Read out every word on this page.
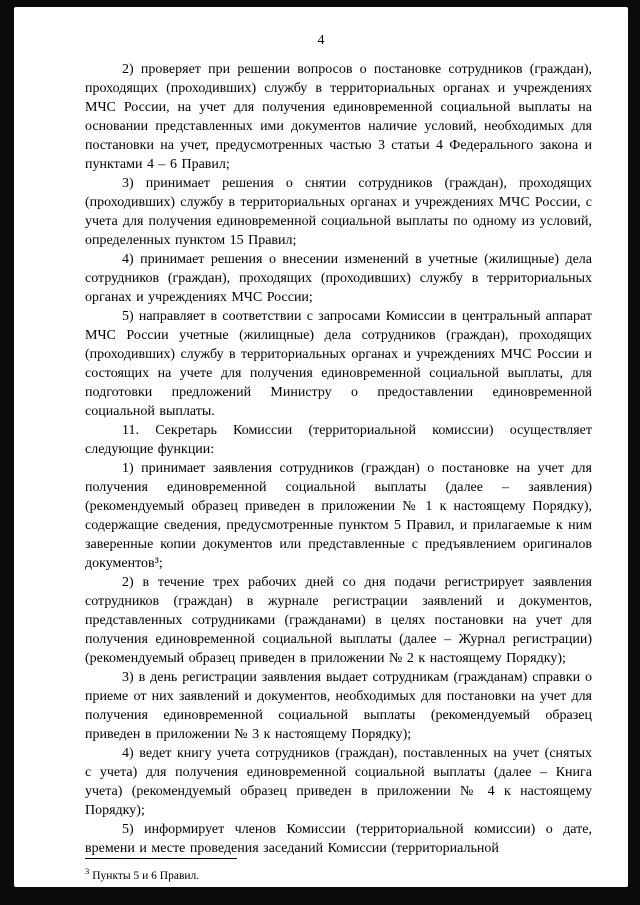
4

2) проверяет при решении вопросов о постановке сотрудников (граждан), проходящих (проходивших) службу в территориальных органах и учреждениях МЧС России, на учет для получения единовременной социальной выплаты на основании представленных ими документов наличие условий, необходимых для постановки на учет, предусмотренных частью 3 статьи 4 Федерального закона и пунктами 4 – 6 Правил;

3) принимает решения о снятии сотрудников (граждан), проходящих (проходивших) службу в территориальных органах и учреждениях МЧС России, с учета для получения единовременной социальной выплаты по одному из условий, определенных пунктом 15 Правил;

4) принимает решения о внесении изменений в учетные (жилищные) дела сотрудников (граждан), проходящих (проходивших) службу в территориальных органах и учреждениях МЧС России;

5) направляет в соответствии с запросами Комиссии в центральный аппарат МЧС России учетные (жилищные) дела сотрудников (граждан), проходящих (проходивших) службу в территориальных органах и учреждениях МЧС России и состоящих на учете для получения единовременной социальной выплаты, для подготовки предложений Министру о предоставлении единовременной социальной выплаты.

11. Секретарь Комиссии (территориальной комиссии) осуществляет следующие функции:

1) принимает заявления сотрудников (граждан) о постановке на учет для получения единовременной социальной выплаты (далее – заявления) (рекомендуемый образец приведен в приложении № 1 к настоящему Порядку), содержащие сведения, предусмотренные пунктом 5 Правил, и прилагаемые к ним заверенные копии документов или представленные с предъявлением оригиналов документов³;

2) в течение трех рабочих дней со дня подачи регистрирует заявления сотрудников (граждан) в журнале регистрации заявлений и документов, представленных сотрудниками (гражданами) в целях постановки на учет для получения единовременной социальной выплаты (далее – Журнал регистрации) (рекомендуемый образец приведен в приложении № 2 к настоящему Порядку);

3) в день регистрации заявления выдает сотрудникам (гражданам) справки о приеме от них заявлений и документов, необходимых для постановки на учет для получения единовременной социальной выплаты (рекомендуемый образец приведен в приложении № 3 к настоящему Порядку);

4) ведет книгу учета сотрудников (граждан), поставленных на учет (снятых с учета) для получения единовременной социальной выплаты (далее – Книга учета) (рекомендуемый образец приведен в приложении № 4 к настоящему Порядку);

5) информирует членов Комиссии (территориальной комиссии) о дате, времени и месте проведения заседаний Комиссии (территориальной

$^3$ Пункты 5 и 6 Правил.
